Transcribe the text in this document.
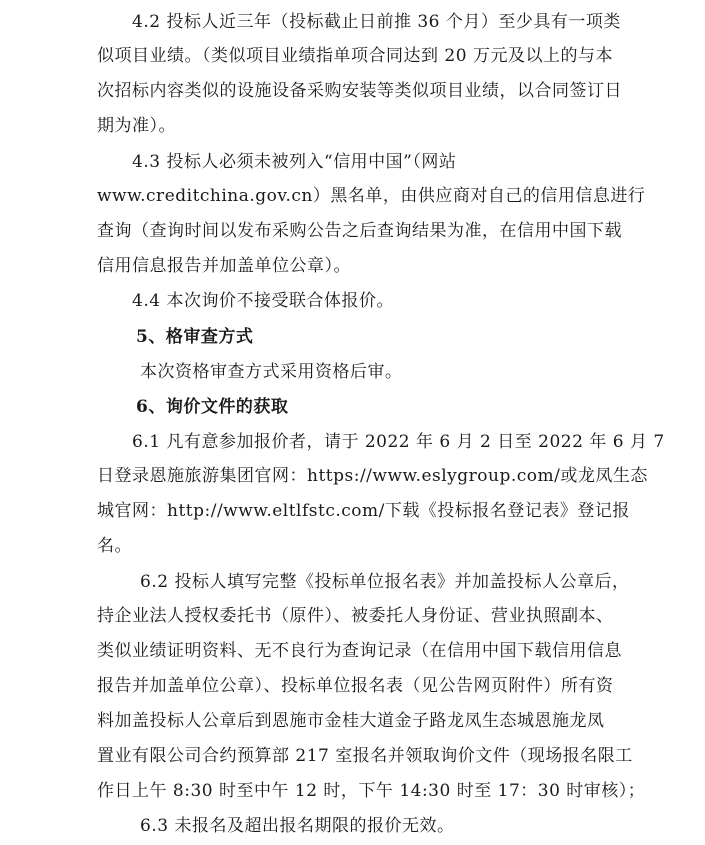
4.2 投标人近三年（投标截止日前推 36 个月）至少具有一项类
似项目业绩。（类似项目业绩指单项合同达到 20 万元及以上的与本
次招标内容类似的设施设备采购安装等类似项目业绩，以合同签订日
期为准）。
4.3 投标人必须未被列入“信用中国”（网站
www.creditchina.gov.cn）黑名单，由供应商对自己的信用信息进行
查询（查询时间以发布采购公告之后查询结果为准，在信用中国下载
信用信息报告并加盖单位公章）。
4.4 本次询价不接受联合体报价。
5、格审查方式
本次资格审查方式采用资格后审。
6、询价文件的获取
6.1 凡有意参加报价者，请于 2022 年 6 月 2 日至 2022 年 6 月 7
日登录恩施旅游集团官网：https://www.eslygroup.com/或龙凤生态
城官网：http://www.eltlfstc.com/下载《投标报名登记表》登记报
名。
6.2 投标人填写完整《投标单位报名表》并加盖投标人公章后，
持企业法人授权委托书（原件）、被委托人身份证、营业执照副本、
类似业绩证明资料、无不良行为查询记录（在信用中国下载信用信息
报告并加盖单位公章）、投标单位报名表（见公告网页附件）所有资
料加盖投标人公章后到恩施市金桂大道金子路龙凤生态城恩施龙凤
置业有限公司合约预算部 217 室报名并领取询价文件（现场报名限工
作日上午 8:30 时至中午 12 时，下午 14:30 时至 17：30 时审核）；
6.3 未报名及超出报名期限的报价无效。
